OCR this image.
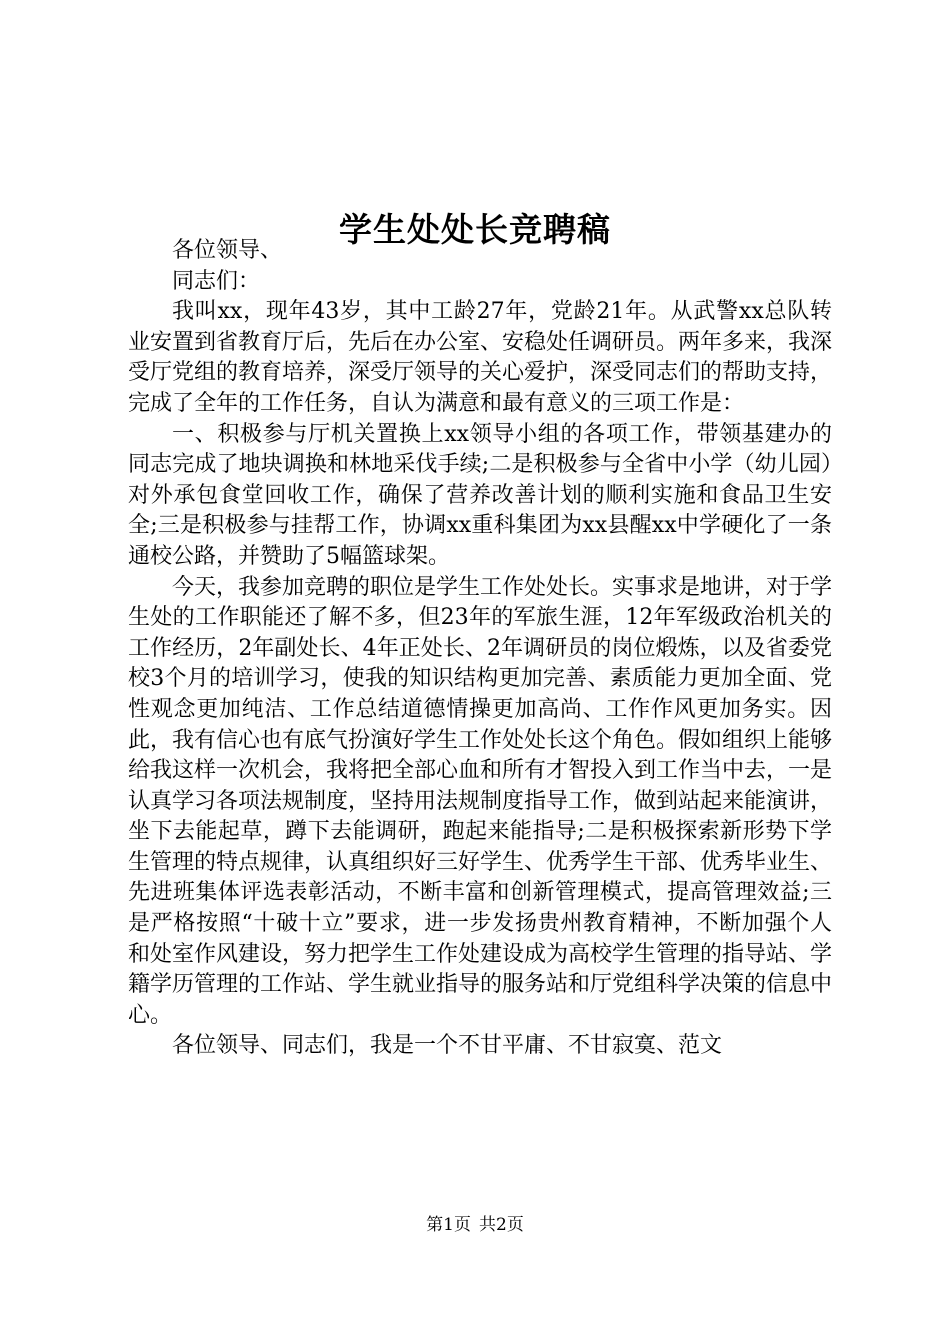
学生处处长竞聘稿

各位领导、

同志们：

我叫xx，现年43岁，其中工龄27年，党龄21年。从武警xx总队转业安置到省教育厅后，先后在办公室、安稳处任调研员。两年多来，我深受厅党组的教育培养，深受厅领导的关心爱护，深受同志们的帮助支持，完成了全年的工作任务，自认为满意和最有意义的三项工作是：

一、积极参与厅机关置换上xx领导小组的各项工作，带领基建办的同志完成了地块调换和林地采伐手续;二是积极参与全省中小学（幼儿园）对外承包食堂回收工作，确保了营养改善计划的顺利实施和食品卫生安全;三是积极参与挂帮工作，协调xx重科集团为xx县醒xx中学硬化了一条通校公路，并赞助了5幅篮球架。

今天，我参加竞聘的职位是学生工作处处长。实事求是地讲，对于学生处的工作职能还了解不多，但23年的军旅生涯，12年军级政治机关的工作经历，2年副处长、4年正处长、2年调研员的岗位煅炼，以及省委党校3个月的培训学习，使我的知识结构更加完善、素质能力更加全面、党性观念更加纯洁、工作总结道德情操更加高尚、工作作风更加务实。因此，我有信心也有底气扮演好学生工作处处长这个角色。假如组织上能够给我这样一次机会，我将把全部心血和所有才智投入到工作当中去，一是认真学习各项法规制度，坚持用法规制度指导工作，做到站起来能演讲，坐下去能起草，蹲下去能调研，跑起来能指导;二是积极探索新形势下学生管理的特点规律，认真组织好三好学生、优秀学生干部、优秀毕业生、先进班集体评选表彰活动，不断丰富和创新管理模式，提高管理效益;三是严格按照“十破十立”要求，进一步发扬贵州教育精神，不断加强个人和处室作风建设，努力把学生工作处建设成为高校学生管理的指导站、学籍学历管理的工作站、学生就业指导的服务站和厅党组科学决策的信息中心。

各位领导、同志们，我是一个不甘平庸、不甘寂寞、范文

第1页 共2页
